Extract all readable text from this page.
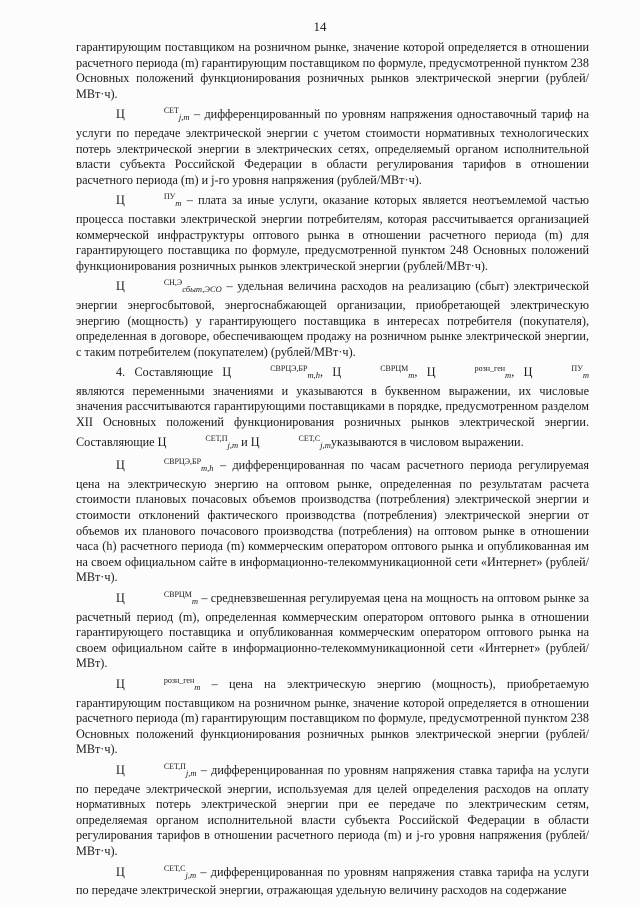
14

гарантирующим поставщиком на розничном рынке, значение которой определяется в отношении расчетного периода (m) гарантирующим поставщиком по формуле, предусмотренной пунктом 238 Основных положений функционирования розничных рынков электрической энергии (рублей/МВт·ч).

Ц	$^{СЕТ}_{j,m}$ – дифференцированный по уровням напряжения одноставочный тариф на услуги по передаче электрической энергии с учетом стоимости нормативных технологических потерь электрической энергии в электрических сетях, определяемый органом исполнительной власти субъекта Российской Федерации в области регулирования тарифов в отношении расчетного периода (m) и j-го уровня напряжения (рублей/МВт·ч).

Ц	$^{ПУ}_m$ – плата за иные услуги, оказание которых является неотъемлемой частью процесса поставки электрической энергии потребителям, которая рассчитывается организацией коммерческой инфраструктуры оптового рынка в отношении расчетного периода (m) для гарантирующего поставщика по формуле, предусмотренной пунктом 248 Основных положений функционирования розничных рынков электрической энергии (рублей/МВт·ч).

Ц	$^{СН,Э}_{сбыт,ЭСО}$ – удельная величина расходов на реализацию (сбыт) электрической энергии энергосбытовой, энергоснабжающей организации, приобретающей электрическую энергию (мощность) у гарантирующего поставщика в интересах потребителя (покупателя), определенная в договоре, обеспечивающем продажу на розничном рынке электрической энергии, с таким потребителем (покупателем) (рублей/МВт·ч).

4. Составляющие Ц	$^{СВРЦЭ,БР}_{m,h}$, Ц	$^{СВРЦМ}_m$, Ц	$^{розн\_ген}_m$, Ц	$^{ПУ}_m$ являются переменными значениями и указываются в буквенном выражении, их числовые значения рассчитываются гарантирующими поставщиками в порядке, предусмотренном разделом XII Основных положений функционирования розничных рынков электрической энергии. Составляющие Ц	$^{СЕТ,П}_{j,m}$ и Ц	$^{СЕТ,С}_{j,m}$указываются в числовом выражении.

Ц	$^{СВРЦЭ,БР}_{m,h}$ – дифференцированная по часам расчетного периода регулируемая цена на электрическую энергию на оптовом рынке, определенная по результатам расчета стоимости плановых почасовых объемов производства (потребления) электрической энергии и стоимости отклонений фактического производства (потребления) электрической энергии от объемов их планового почасового производства (потребления) на оптовом рынке в отношении часа (h) расчетного периода (m) коммерческим оператором оптового рынка и опубликованная им на своем официальном сайте в информационно-телекоммуникационной сети «Интернет» (рублей/МВт·ч).

Ц	$^{СВРЦМ}_m$ – средневзвешенная регулируемая цена на мощность на оптовом рынке за расчетный период (m), определенная коммерческим оператором оптового рынка в отношении гарантирующего поставщика и опубликованная коммерческим оператором оптового рынка на своем официальном сайте в информационно-телекоммуникационной сети «Интернет» (рублей/МВт).

Ц	$^{розн\_ген}_m$ – цена на электрическую энергию (мощность), приобретаемую гарантирующим поставщиком на розничном рынке, значение которой определяется в отношении расчетного периода (m) гарантирующим поставщиком по формуле, предусмотренной пунктом 238 Основных положений функционирования розничных рынков электрической энергии (рублей/МВт·ч).

Ц	$^{СЕТ,П}_{j,m}$ – дифференцированная по уровням напряжения ставка тарифа на услуги по передаче электрической энергии, используемая для целей определения расходов на оплату нормативных потерь электрической энергии при ее передаче по электрическим сетям, определяемая органом исполнительной власти субъекта Российской Федерации в области регулирования тарифов в отношении расчетного периода (m) и j-го уровня напряжения (рублей/МВт·ч).

Ц	$^{СЕТ,С}_{j,m}$ – дифференцированная по уровням напряжения ставка тарифа на услуги по передаче электрической энергии, отражающая удельную величину расходов на содержание
